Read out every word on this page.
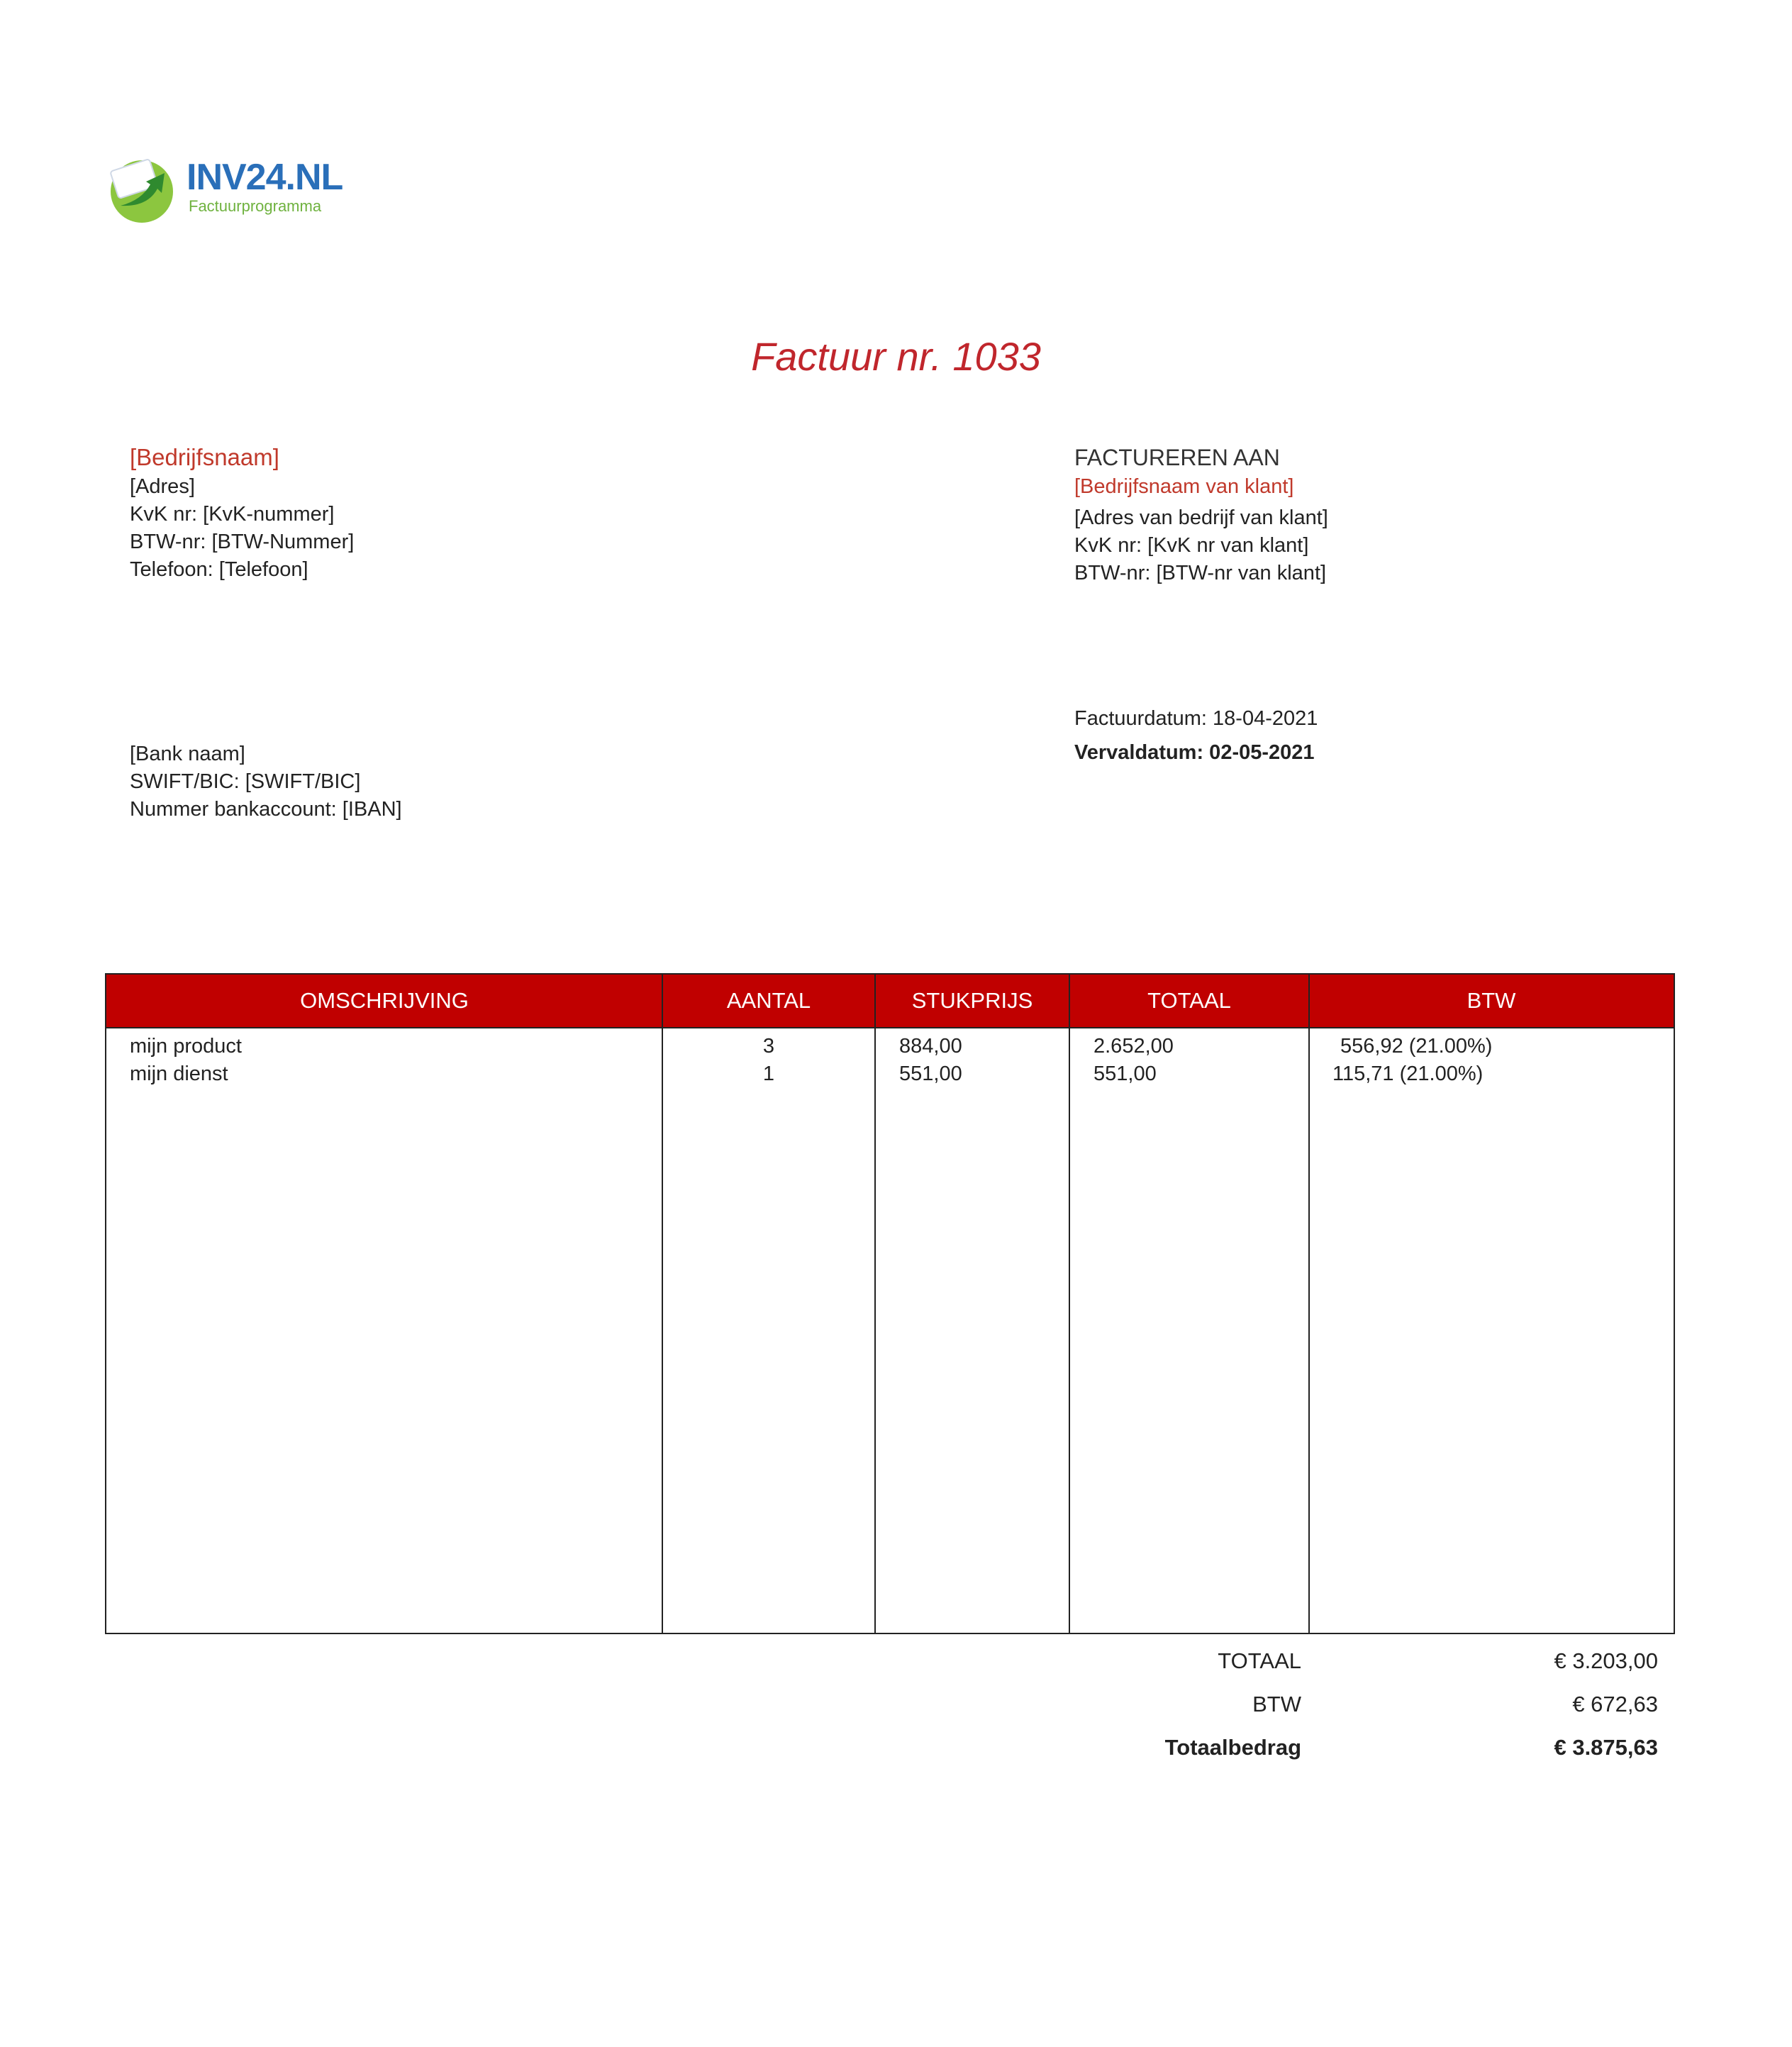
INV24.NL
Factuurprogramma
Factuur nr. 1033
[Bedrijfsnaam]
[Adres]
KvK nr: [KvK-nummer]
BTW-nr: [BTW-Nummer]
Telefoon: [Telefoon]
FACTUREREN AAN
[Bedrijfsnaam van klant]
[Adres van bedrijf van klant]
KvK nr: [KvK nr van klant]
BTW-nr: [BTW-nr van klant]
[Bank naam]
SWIFT/BIC: [SWIFT/BIC]
Nummer bankaccount: [IBAN]
Factuurdatum: 18-04-2021
Vervaldatum: 02-05-2021
OMSCHRIJVING	AANTAL	STUKPRIJS	TOTAAL	BTW
mijn product	3	884,00	2.652,00	556,92 (21.00%)
mijn dienst	1	551,00	551,00	115,71 (21.00%)
TOTAAL	€ 3.203,00
BTW	€ 672,63
Totaalbedrag	€ 3.875,63
